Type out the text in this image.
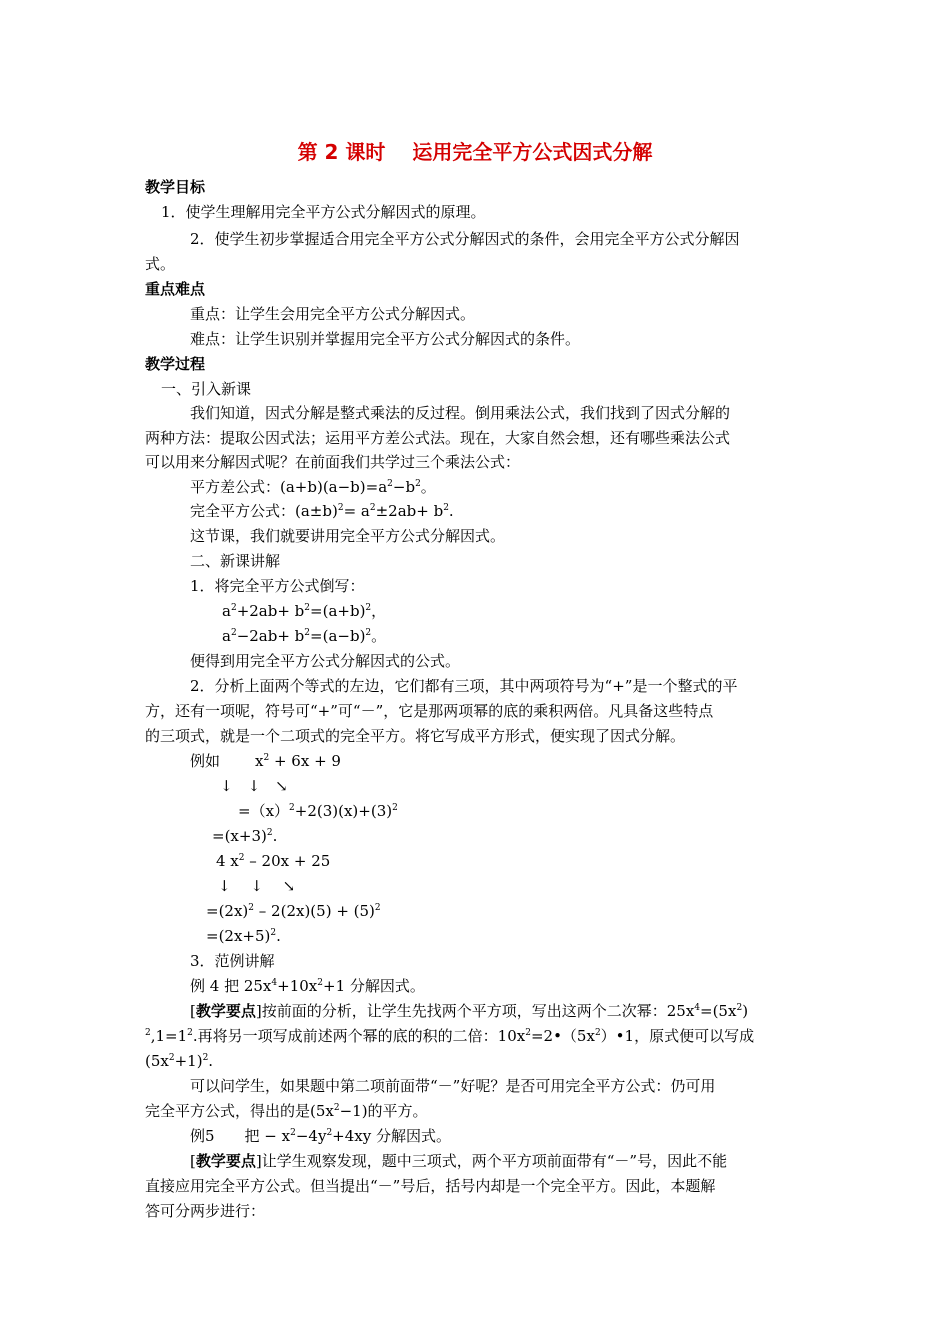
第 2 课时　 运用完全平方公式因式分解
教学目标
1．使学生理解用完全平方公式分解因式的原理。
2．使学生初步掌握适合用完全平方公式分解因式的条件，会用完全平方公式分解因
式。
重点难点
重点：让学生会用完全平方公式分解因式。
难点：让学生识别并掌握用完全平方公式分解因式的条件。
教学过程
一、引入新课
我们知道，因式分解是整式乘法的反过程。倒用乘法公式，我们找到了因式分解的
两种方法：提取公因式法；运用平方差公式法。现在，大家自然会想，还有哪些乘法公式
可以用来分解因式呢？在前面我们共学过三个乘法公式：
平方差公式：$(a+b)(a-b)=a^2-b^2$。
完全平方公式：$(a\pm b)^2= a^2\pm 2ab+ b^2$.
这节课，我们就要讲用完全平方公式分解因式。
二、新课讲解
1．将完全平方公式倒写：
$a^2+2ab+ b^2=(a+b)^2$，
$a^2-2ab+ b^2=(a-b)^2$。
便得到用完全平方公式分解因式的公式。
2．分析上面两个等式的左边，它们都有三项，其中两项符号为“+”是一个整式的平
方，还有一项呢，符号可“+”可“－”，它是那两项幂的底的乘积两倍。凡具备这些特点
的三项式，就是一个二项式的完全平方。将它写成平方形式，便实现了因式分解。
例如 $x^2 + 6x + 9$
↓　↓　↘
$=(x)^2+2(3)(x)+(3)^2$
$=(x+3)^2$.
4 $x^2 - 20x + 25$
↓　 ↓　 ↘
$=(2x)^2 - 2(2x)(5) + (5)^2$
$=(2x+5)^2$.
3．范例讲解
例 4 把 $25x^4+10x^2+1$ 分解因式。
[教学要点]按前面的分析，让学生先找两个平方项，写出这两个二次幂：$25x^4=(5x^2)$
$^2,1=1^2$.再将另一项写成前述两个幂的底的积的二倍：$10x^2=2•(5x^2)•1$，原式便可以写成
$(5x^2+1)^2$.
可以问学生，如果题中第二项前面带“－”好呢？是否可用完全平方公式：仍可用
完全平方公式，得出的是$(5x^2-1)$的平方。
例5　　把 − $x^2-4y^2+4xy$ 分解因式。
[教学要点]让学生观察发现，题中三项式，两个平方项前面带有“－”号，因此不能
直接应用完全平方公式。但当提出“－”号后，括号内却是一个完全平方。因此，本题解
答可分两步进行：
